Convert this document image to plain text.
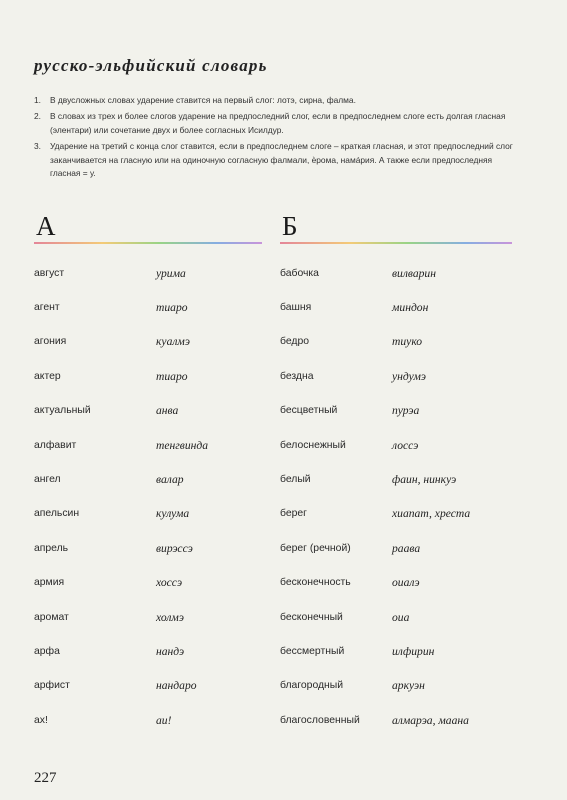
русско-эльфийский словарь
1.	В двусложных словах ударение ставится на первый слог: лотэ, сирна, фалма.
2.	В словах из трех и более слогов ударение на предпоследний слог, если в предпоследнем слоге есть долгая гласная (элентари) или сочетание двух и более согласных Исилдур.
3.	Ударение на третий с конца слог ставится, если в предпоследнем слоге – краткая гласная, и этот предпоследний слог заканчивается на гласную или на одиночную согласную фалмали, ѐрома, намáрия. А также если предпоследняя гласная = у.
А
август	урима
агент	тиаро
агония	куалмэ
актер	тиаро
актуальный	анва
алфавит	тенгвинда
ангел	валар
апельсин	кулума
апрель	вирэссэ
армия	хоссэ
аромат	холмэ
арфа	нандэ
арфист	нандаро
ах!	аи!
Б
бабочка	вилварин
башня	миндон
бедро	тиуко
бездна	ундумэ
бесцветный	пурэа
белоснежный	лоссэ
белый	фаин, нинкуэ
берег	хиапат, хреста
берег (речной)	раава
бесконечность	оиалэ
бесконечный	оиа
бессмертный	илфирин
благородный	аркуэн
благословенный	алмарэа, маана
227
